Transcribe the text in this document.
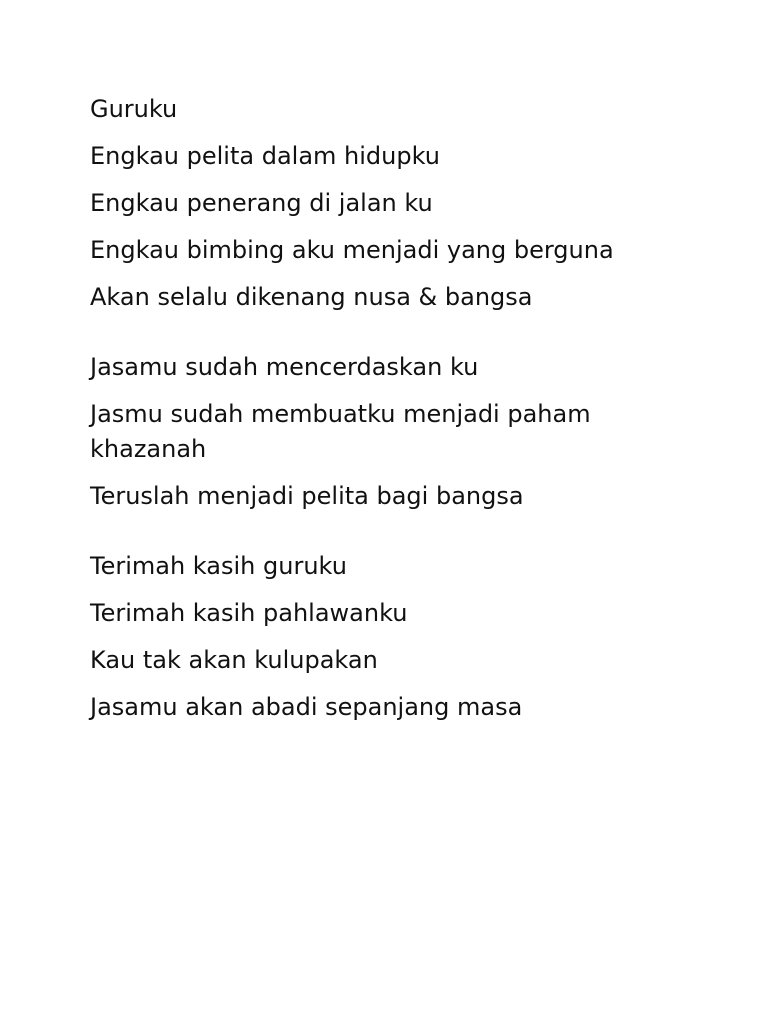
Guruku

Engkau pelita dalam hidupku

Engkau penerang di jalan ku

Engkau bimbing aku menjadi yang berguna

Akan selalu dikenang nusa & bangsa

Jasamu sudah mencerdaskan ku

Jasmu sudah membuatku menjadi paham khazanah

Teruslah menjadi pelita bagi bangsa

Terimah kasih guruku

Terimah kasih pahlawanku

Kau tak akan kulupakan

Jasamu akan abadi sepanjang masa
